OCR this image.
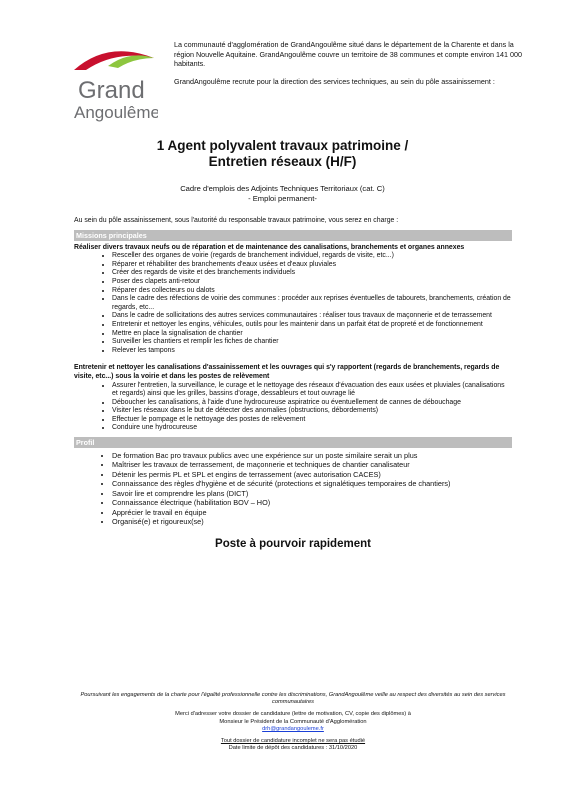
Grand
Angoulême

La communauté d'agglomération de GrandAngoulême situé dans le département de la Charente et dans la région Nouvelle Aquitaine. GrandAngoulême couvre un territoire de 38 communes et compte environ 141 000 habitants.

GrandAngoulême recrute pour la direction des services techniques, au sein du pôle assainissement :

1 Agent polyvalent travaux patrimoine /
Entretien réseaux (H/F)
Cadre d'emplois des Adjoints Techniques Territoriaux (cat. C)
- Emploi permanent-

Au sein du pôle assainissement, sous l'autorité du responsable travaux patrimoine, vous serez en charge :

Missions principales

Réaliser divers travaux neufs ou de réparation et de maintenance des canalisations, branchements et organes annexes

• Resceller des organes de voirie (regards de branchement individuel, regards de visite, etc...)
• Réparer et réhabiliter des branchements d'eaux usées et d'eaux pluviales
• Créer des regards de visite et des branchements individuels
• Poser des clapets anti-retour
• Réparer des collecteurs ou dalots
• Dans le cadre des réfections de voirie des communes : procéder aux reprises éventuelles de tabourets, branchements, création de regards, etc...
• Dans le cadre de sollicitations des autres services communautaires : réaliser tous travaux de maçonnerie et de terrassement
• Entretenir et nettoyer les engins, véhicules, outils pour les maintenir dans un parfait état de propreté et de fonctionnement
• Mettre en place la signalisation de chantier
• Surveiller les chantiers et remplir les fiches de chantier
• Relever les tampons

Entretenir et nettoyer les canalisations d'assainissement et les ouvrages qui s'y rapportent (regards de branchements, regards de visite, etc...) sous la voirie et dans les postes de relèvement

• Assurer l'entretien, la surveillance, le curage et le nettoyage des réseaux d'évacuation des eaux usées et pluviales (canalisations et regards) ainsi que les grilles, bassins d'orage, dessableurs et tout ouvrage lié
• Déboucher les canalisations, à l'aide d'une hydrocureuse aspiratrice ou éventuellement de cannes de débouchage
• Visiter les réseaux dans le but de détecter des anomalies (obstructions, débordements)
• Effectuer le pompage et le nettoyage des postes de relèvement
• Conduire une hydrocureuse
Profil
• De formation Bac pro travaux publics avec une expérience sur un poste similaire serait un plus
• Maîtriser les travaux de terrassement, de maçonnerie et techniques de chantier canalisateur
• Détenir les permis PL et SPL et engins de terrassement (avec autorisation CACES)
• Connaissance des règles d'hygiène et de sécurité (protections et signalétiques temporaires de chantiers)
• Savoir lire et comprendre les plans (DICT)
• Connaissance électrique (habilitation BOV – HO)
• Apprécier le travail en équipe
• Organisé(e) et rigoureux(se)
Poste à pourvoir rapidement

Poursuivant les engagements de la charte pour l'égalité professionnelle contre les discriminations, GrandAngoulême veille au respect des diversités au sein des services communautaires

Merci d'adresser votre dossier de candidature (lettre de motivation, CV, copie des diplômes) à
Monsieur le Président de la Communauté d'Agglomération
drh@grandangouleme.fr

Tout dossier de candidature incomplet ne sera pas étudié
Date limite de dépôt des candidatures : 31/10/2020
